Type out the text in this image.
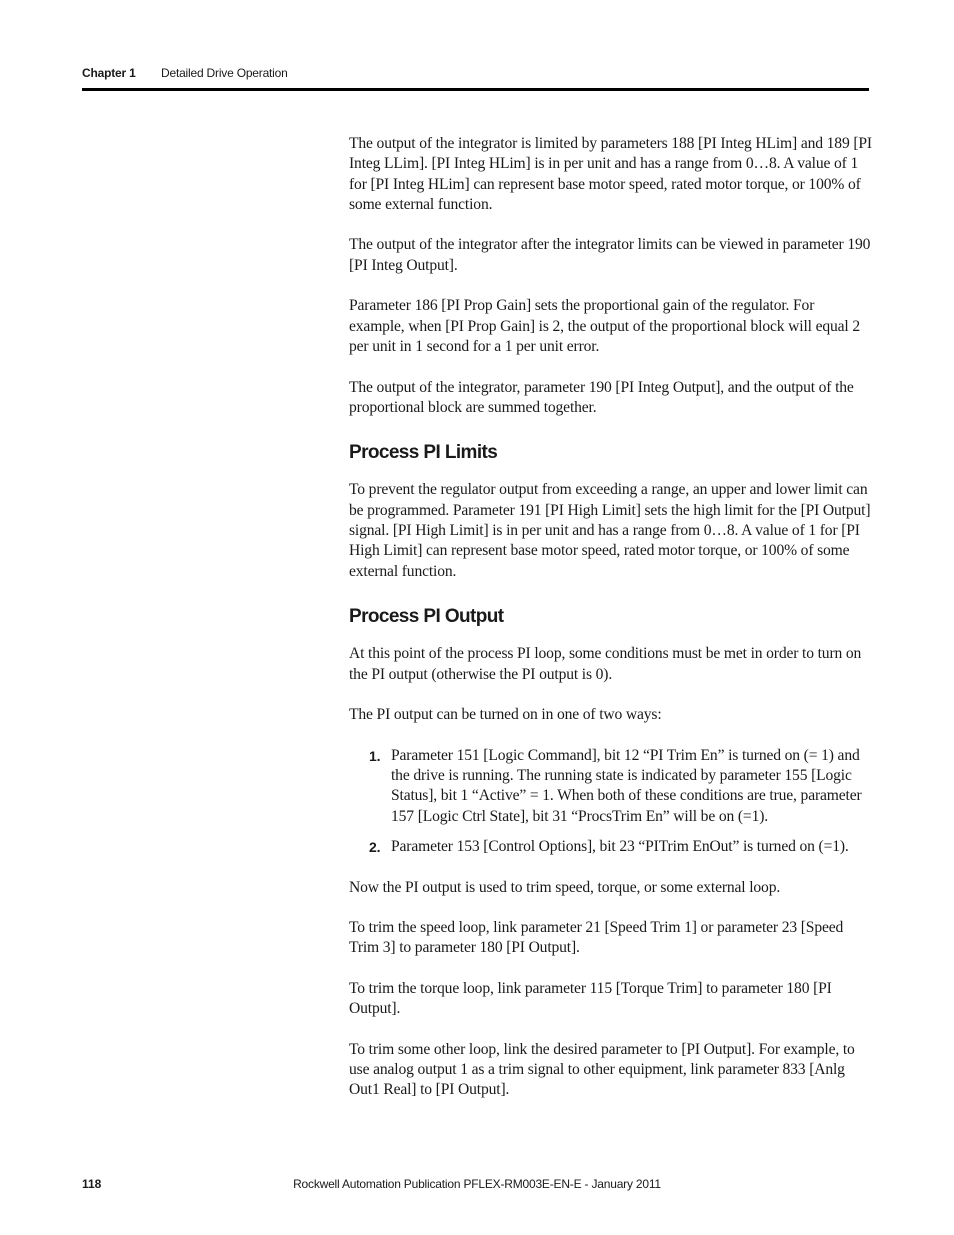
Chapter 1 Detailed Drive Operation

The output of the integrator is limited by parameters 188 [PI Integ HLim] and 189 [PI Integ LLim]. [PI Integ HLim] is in per unit and has a range from 0…8. A value of 1 for [PI Integ HLim] can represent base motor speed, rated motor torque, or 100% of some external function.

The output of the integrator after the integrator limits can be viewed in parameter 190 [PI Integ Output].

Parameter 186 [PI Prop Gain] sets the proportional gain of the regulator. For example, when [PI Prop Gain] is 2, the output of the proportional block will equal 2 per unit in 1 second for a 1 per unit error.

The output of the integrator, parameter 190 [PI Integ Output], and the output of the proportional block are summed together.

Process PI Limits

To prevent the regulator output from exceeding a range, an upper and lower limit can be programmed. Parameter 191 [PI High Limit] sets the high limit for the [PI Output] signal. [PI High Limit] is in per unit and has a range from 0…8. A value of 1 for [PI High Limit] can represent base motor speed, rated motor torque, or 100% of some external function.

Process PI Output

At this point of the process PI loop, some conditions must be met in order to turn on the PI output (otherwise the PI output is 0).

The PI output can be turned on in one of two ways:

1. Parameter 151 [Logic Command], bit 12 “PI Trim En” is turned on (= 1) and the drive is running. The running state is indicated by parameter 155 [Logic Status], bit 1 “Active” = 1. When both of these conditions are true, parameter 157 [Logic Ctrl State], bit 31 “ProcsTrim En” will be on (=1).
2. Parameter 153 [Control Options], bit 23 “PITrim EnOut” is turned on (=1).

Now the PI output is used to trim speed, torque, or some external loop.

To trim the speed loop, link parameter 21 [Speed Trim 1] or parameter 23 [Speed Trim 3] to parameter 180 [PI Output].

To trim the torque loop, link parameter 115 [Torque Trim] to parameter 180 [PI Output].

To trim some other loop, link the desired parameter to [PI Output]. For example, to use analog output 1 as a trim signal to other equipment, link parameter 833 [Anlg Out1 Real] to [PI Output].

118	Rockwell Automation Publication PFLEX-RM003E-EN-E - January 2011
